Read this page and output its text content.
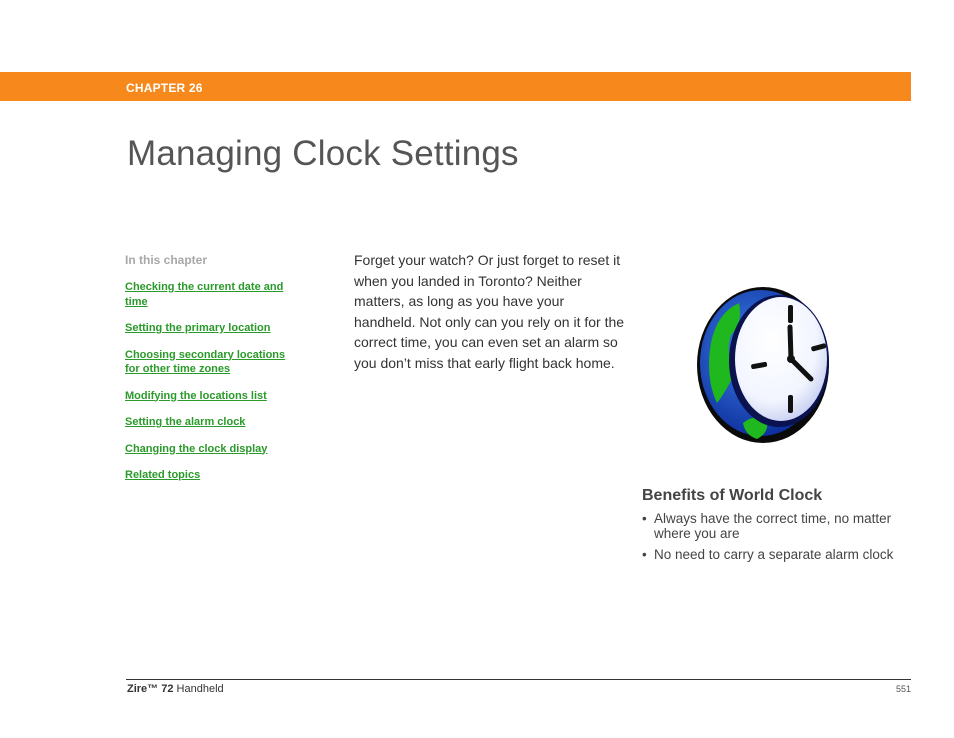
CHAPTER 26
Managing Clock Settings
In this chapter
Checking the current date and time
Setting the primary location
Choosing secondary locations for other time zones
Modifying the locations list
Setting the alarm clock
Changing the clock display
Related topics

Forget your watch? Or just forget to reset it when you landed in Toronto? Neither matters, as long as you have your handheld. Not only can you rely on it for the correct time, you can even set an alarm so you don’t miss that early flight back home.

Benefits of World Clock
• Always have the correct time, no matter where you are
• No need to carry a separate alarm clock
Zire™ 72 Handheld	551
